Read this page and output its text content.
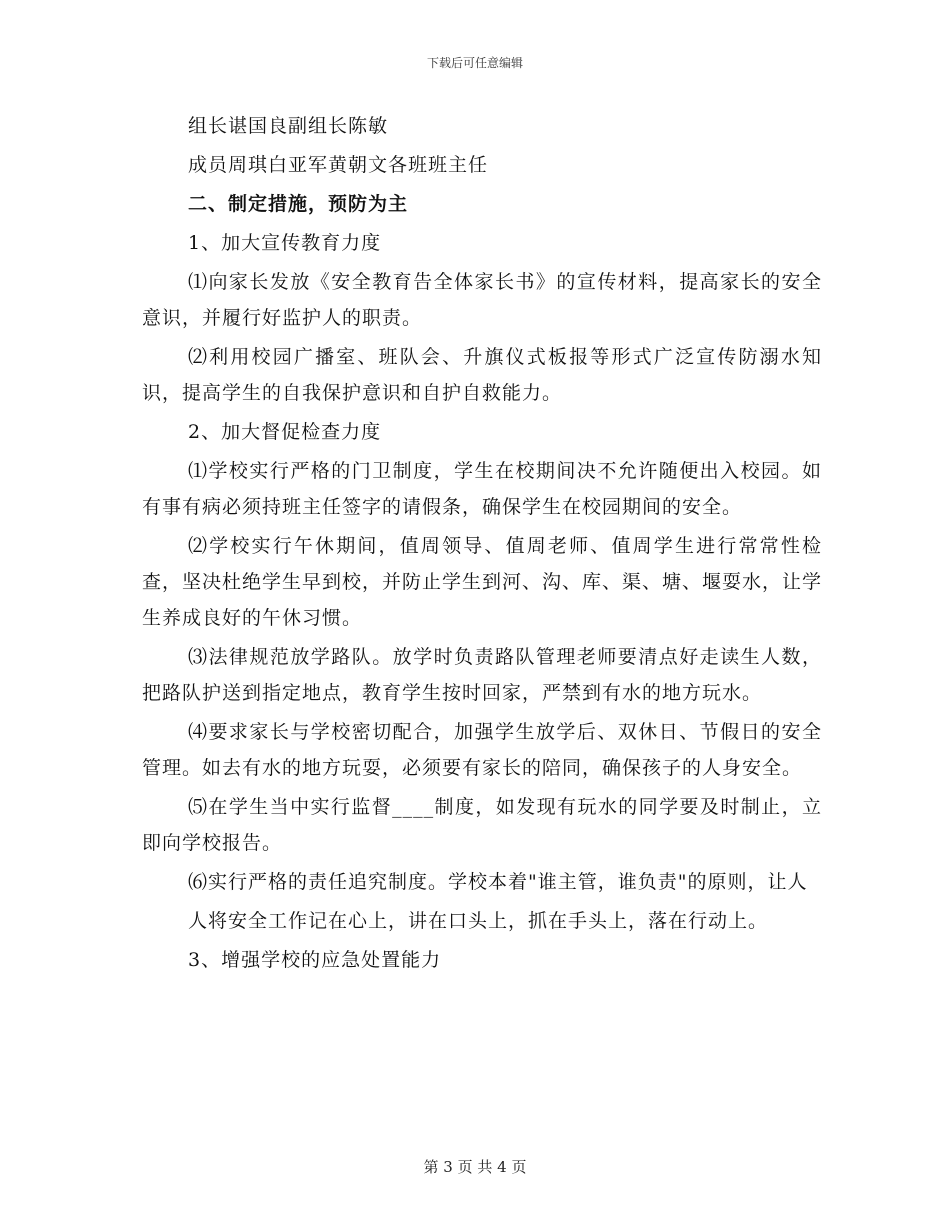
下载后可任意编辑

组长谌国良副组长陈敏

成员周琪白亚军黄朝文各班班主任

二、制定措施，预防为主

1、加大宣传教育力度

⑴向家长发放《安全教育告全体家长书》的宣传材料，提高家长的安全意识，并履行好监护人的职责。

⑵利用校园广播室、班队会、升旗仪式板报等形式广泛宣传防溺水知识，提高学生的自我保护意识和自护自救能力。

2、加大督促检查力度

⑴学校实行严格的门卫制度，学生在校期间决不允许随便出入校园。如有事有病必须持班主任签字的请假条，确保学生在校园期间的安全。

⑵学校实行午休期间，值周领导、值周老师、值周学生进行常常性检查，坚决杜绝学生早到校，并防止学生到河、沟、库、渠、塘、堰耍水，让学生养成良好的午休习惯。

⑶法律规范放学路队。放学时负责路队管理老师要清点好走读生人数，把路队护送到指定地点，教育学生按时回家，严禁到有水的地方玩水。

⑷要求家长与学校密切配合，加强学生放学后、双休日、节假日的安全管理。如去有水的地方玩耍，必须要有家长的陪同，确保孩子的人身安全。

⑸在学生当中实行监督____制度，如发现有玩水的同学要及时制止，立即向学校报告。

⑹实行严格的责任追究制度。学校本着"谁主管，谁负责"的原则，让人

人将安全工作记在心上，讲在口头上，抓在手头上，落在行动上。

3、增强学校的应急处置能力

第 3 页 共 4 页
